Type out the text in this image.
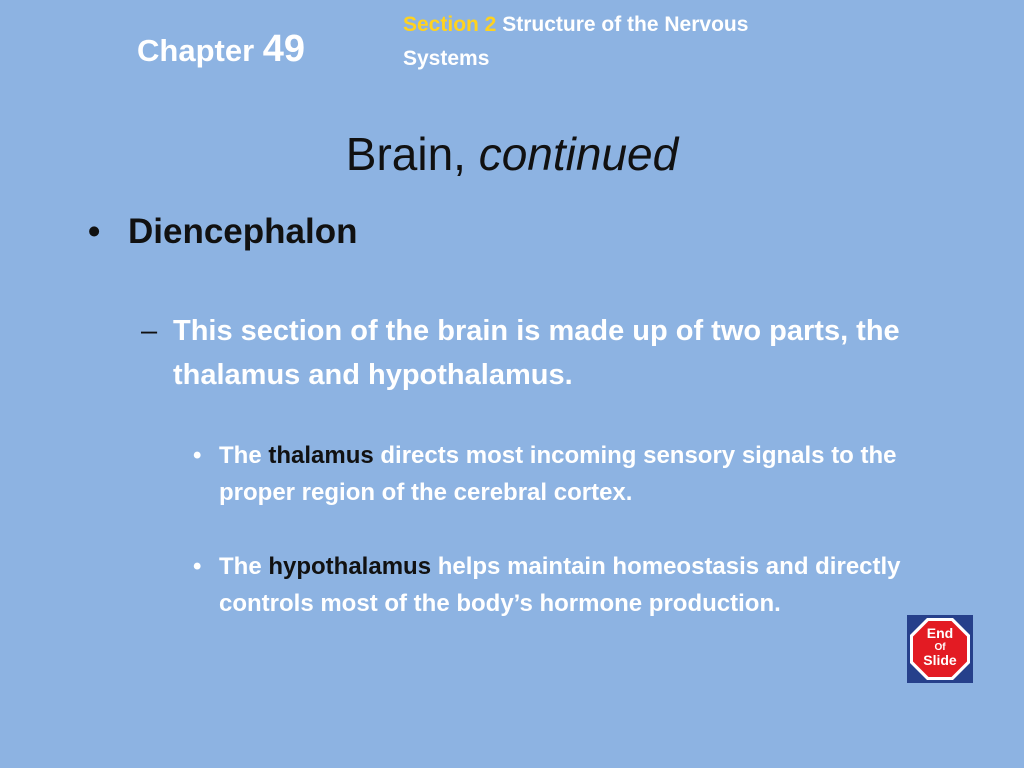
Chapter 49
Section 2 Structure of the Nervous Systems
Brain, continued
• Diencephalon
– This section of the brain is made up of two parts, the thalamus and hypothalamus.
• The thalamus directs most incoming sensory signals to the proper region of the cerebral cortex.
• The hypothalamus helps maintain homeostasis and directly controls most of the body’s hormone production.
End
Of
Slide
